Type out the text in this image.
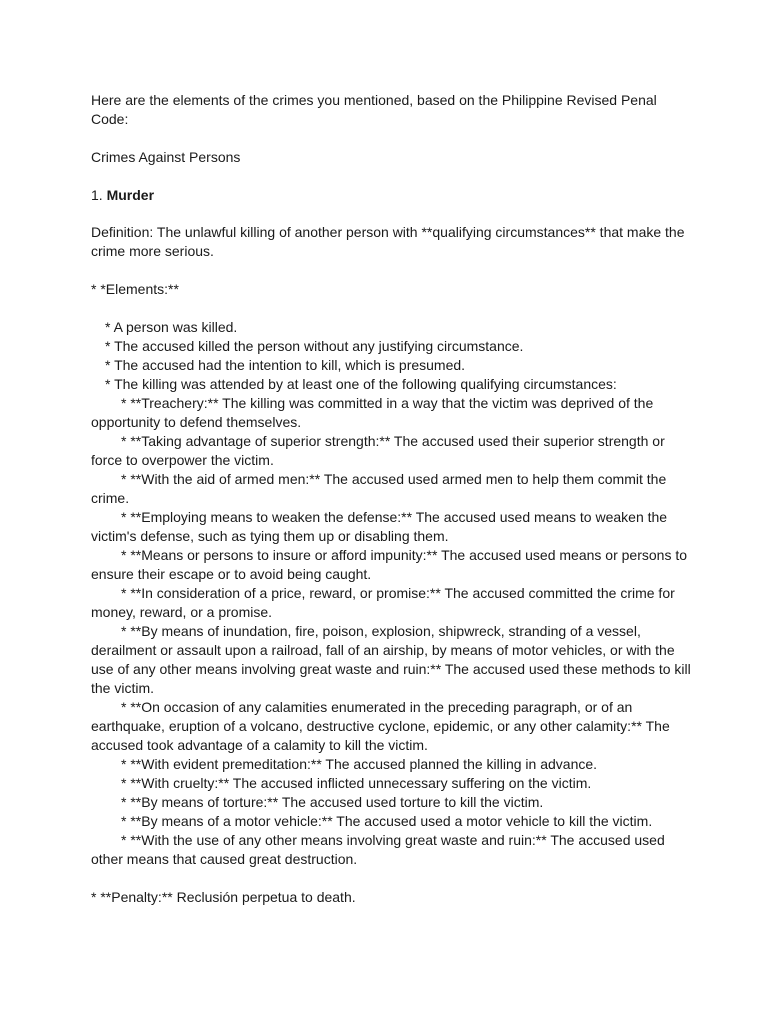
Here are the elements of the crimes you mentioned, based on the Philippine Revised Penal Code:

Crimes Against Persons

1. Murder

Definition: The unlawful killing of another person with **qualifying circumstances** that make the crime more serious.

* *Elements:**

* A person was killed.

* The accused killed the person without any justifying circumstance.

* The accused had the intention to kill, which is presumed.

* The killing was attended by at least one of the following qualifying circumstances:

* **Treachery:** The killing was committed in a way that the victim was deprived of the opportunity to defend themselves.

* **Taking advantage of superior strength:** The accused used their superior strength or force to overpower the victim.

* **With the aid of armed men:** The accused used armed men to help them commit the crime.

* **Employing means to weaken the defense:** The accused used means to weaken the victim's defense, such as tying them up or disabling them.

* **Means or persons to insure or afford impunity:** The accused used means or persons to ensure their escape or to avoid being caught.

* **In consideration of a price, reward, or promise:** The accused committed the crime for money, reward, or a promise.

* **By means of inundation, fire, poison, explosion, shipwreck, stranding of a vessel, derailment or assault upon a railroad, fall of an airship, by means of motor vehicles, or with the use of any other means involving great waste and ruin:** The accused used these methods to kill the victim.

* **On occasion of any calamities enumerated in the preceding paragraph, or of an earthquake, eruption of a volcano, destructive cyclone, epidemic, or any other calamity:** The accused took advantage of a calamity to kill the victim.

* **With evident premeditation:** The accused planned the killing in advance.

* **With cruelty:** The accused inflicted unnecessary suffering on the victim.

* **By means of torture:** The accused used torture to kill the victim.

* **By means of a motor vehicle:** The accused used a motor vehicle to kill the victim.

* **With the use of any other means involving great waste and ruin:** The accused used other means that caused great destruction.

* **Penalty:** Reclusión perpetua to death.
